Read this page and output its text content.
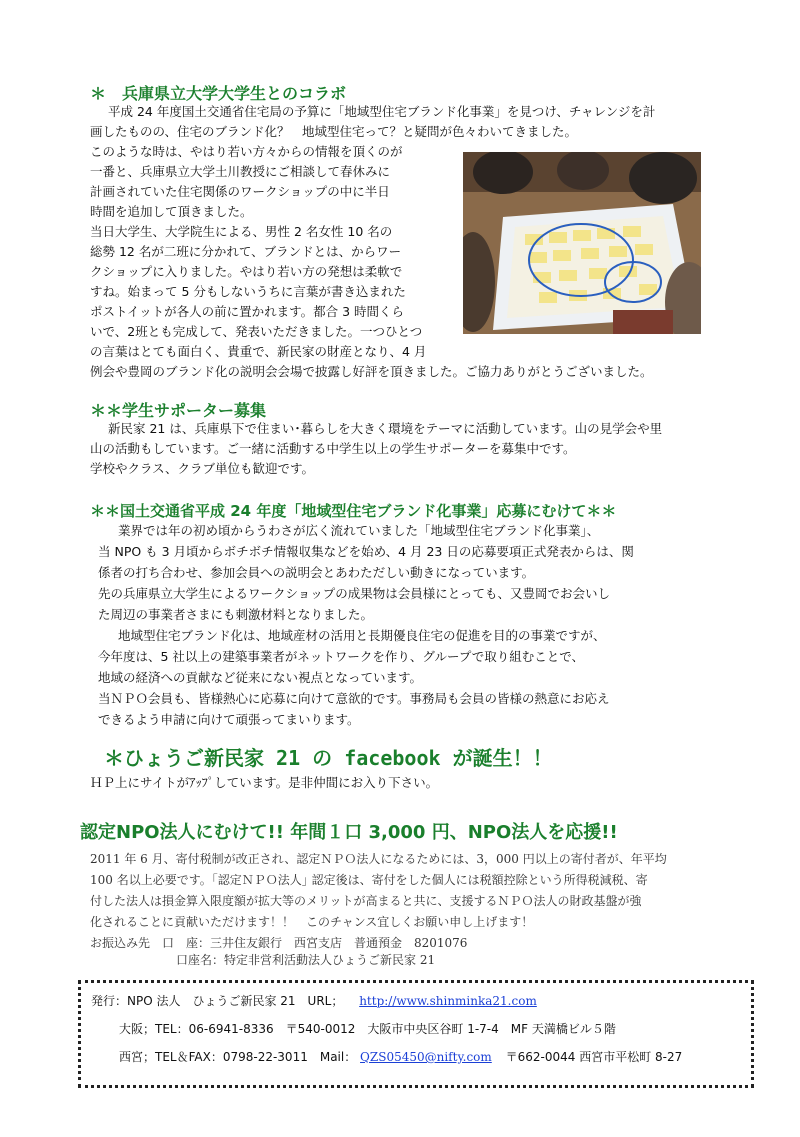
＊　兵庫県立大学大学生とのコラボ
平成 24 年度国土交通省住宅局の予算に「地域型住宅ブランド化事業」を見つけ、チャレンジを計
画したものの、住宅のブランド化？　地域型住宅って？と疑問が色々わいてきました。
このような時は、やはり若い方々からの情報を頂くのが
一番と、兵庫県立大学土川教授にご相談して春休みに
計画されていた住宅関係のワークショップの中に半日
時間を追加して頂きました。
当日大学生、大学院生による、男性 2 名女性 10 名の
総勢 12 名が二班に分かれて、ブランドとは、からワー
クショップに入りました。やはり若い方の発想は柔軟で
すね。始まって 5 分もしないうちに言葉が書き込まれた
ポストイットが各人の前に置かれます。都合 3 時間くら
いで、2班とも完成して、発表いただきました。一つひとつ
の言葉はとても面白く、貴重で、新民家の財産となり、4 月
例会や豊岡のブランド化の説明会会場で披露し好評を頂きました。ご協力ありがとうございました。
＊＊学生サポーター募集
新民家 21 は、兵庫県下で住まい･暮らしを大きく環境をテーマに活動しています。山の見学会や里
山の活動もしています。ご一緒に活動する中学生以上の学生サポーターを募集中です。
学校やクラス、クラブ単位も歓迎です。
＊＊国土交通省平成 24 年度「地域型住宅ブランド化事業」応募にむけて＊＊
業界では年の初め頃からうわさが広く流れていました「地域型住宅ブランド化事業」、
当 NPO も 3 月頃からボチボチ情報収集などを始め、4 月 23 日の応募要項正式発表からは、関
係者の打ち合わせ、参加会員への説明会とあわただしい動きになっています。
先の兵庫県立大学生によるワークショップの成果物は会員様にとっても、又豊岡でお会いし
た周辺の事業者さまにも刺激材料となりました。
地域型住宅ブランド化は、地域産材の活用と長期優良住宅の促進を目的の事業ですが、
今年度は、5 社以上の建築事業者がネットワークを作り、グループで取り組むことで、
地域の経済への貢献など従来にない視点となっています。
当ＮＰＯ会員も、皆様熱心に応募に向けて意欲的です。事務局も会員の皆様の熱意にお応え
できるよう申請に向けて頑張ってまいります。
＊ひょうご新民家 21 の facebook が誕生！！
ＨＰ上にサイトがｱｯﾌﾟしています。是非仲間にお入り下さい。
認定NPO法人にむけて!! 年間１口 3,000 円、NPO法人を応援!!
2011 年 6 月、寄付税制が改正され、認定ＮＰＯ法人になるためには、3，000 円以上の寄付者が、年平均
100 名以上必要です。｢認定ＮＰＯ法人｣ 認定後は、寄付をした個人には税額控除という所得税減税、寄
付した法人は損金算入限度額が拡大等のメリットが高まると共に、支援するＮＰＯ法人の財政基盤が強
化されることに貢献いただけます！！　このチャンス宜しくお願い申し上げます！
お振込み先　口　座：三井住友銀行　西宮支店　普通預金　8201076
口座名：特定非営利活動法人ひょうご新民家 21
発行：NPO 法人　ひょうご新民家 21　URL； http://www.shinminka21.com
大阪；TEL：06-6941-8336　〒540-0012　大阪市中央区谷町 1-7-4　MF 天満橋ビル５階
西宮；TEL＆FAX：0798-22-3011　Mail： QZS05450@nifty.com 〒662-0044 西宮市平松町 8-27
